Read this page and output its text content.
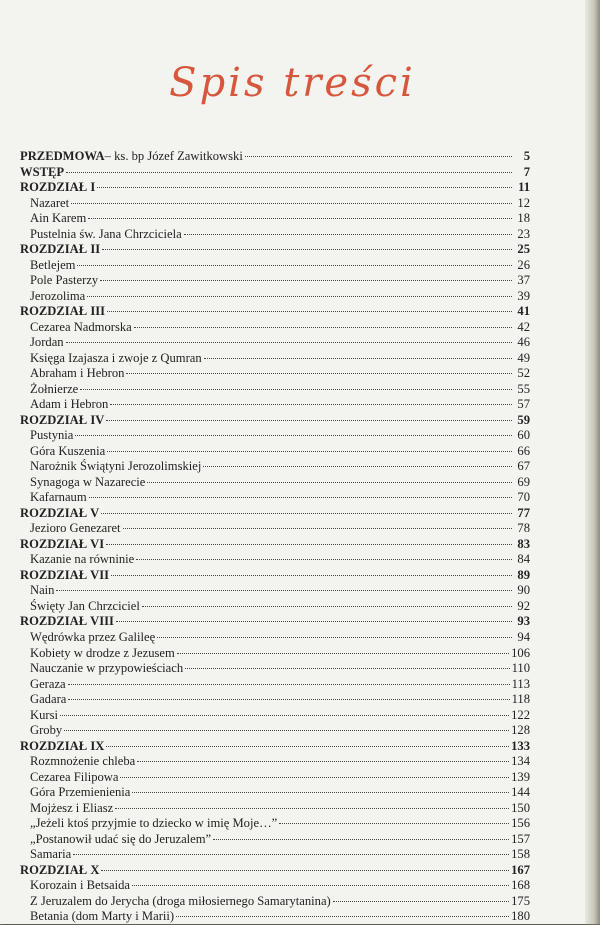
Spis treści
PRZEDMOWA – ks. bp Józef Zawitkowski	5
WSTĘP	7
ROZDZIAŁ I	11
Nazaret	12
Ain Karem	18
Pustelnia św. Jana Chrzciciela	23
ROZDZIAŁ II	25
Betlejem	26
Pole Pasterzy	37
Jerozolima	39
ROZDZIAŁ III	41
Cezarea Nadmorska	42
Jordan	46
Księga Izajasza i zwoje z Qumran	49
Abraham i Hebron	52
Żołnierze	55
Adam i Hebron	57
ROZDZIAŁ IV	59
Pustynia	60
Góra Kuszenia	66
Narożnik Świątyni Jerozolimskiej	67
Synagoga w Nazarecie	69
Kafarnaum	70
ROZDZIAŁ V	77
Jezioro Genezaret	78
ROZDZIAŁ VI	83
Kazanie na równinie	84
ROZDZIAŁ VII	89
Nain	90
Święty Jan Chrzciciel	92
ROZDZIAŁ VIII	93
Wędrówka przez Galileę	94
Kobiety w drodze z Jezusem	106
Nauczanie w przypowieściach	110
Geraza	113
Gadara	118
Kursi	122
Groby	128
ROZDZIAŁ IX	133
Rozmnożenie chleba	134
Cezarea Filipowa	139
Góra Przemienienia	144
Mojżesz i Eliasz	150
„Jeżeli ktoś przyjmie to dziecko w imię Moje…”	156
„Postanowił udać się do Jeruzalem”	157
Samaria	158
ROZDZIAŁ X	167
Korozain i Betsaida	168
Z Jeruzalem do Jerycha (droga miłosiernego Samarytanina)	175
Betania (dom Marty i Marii)	180
